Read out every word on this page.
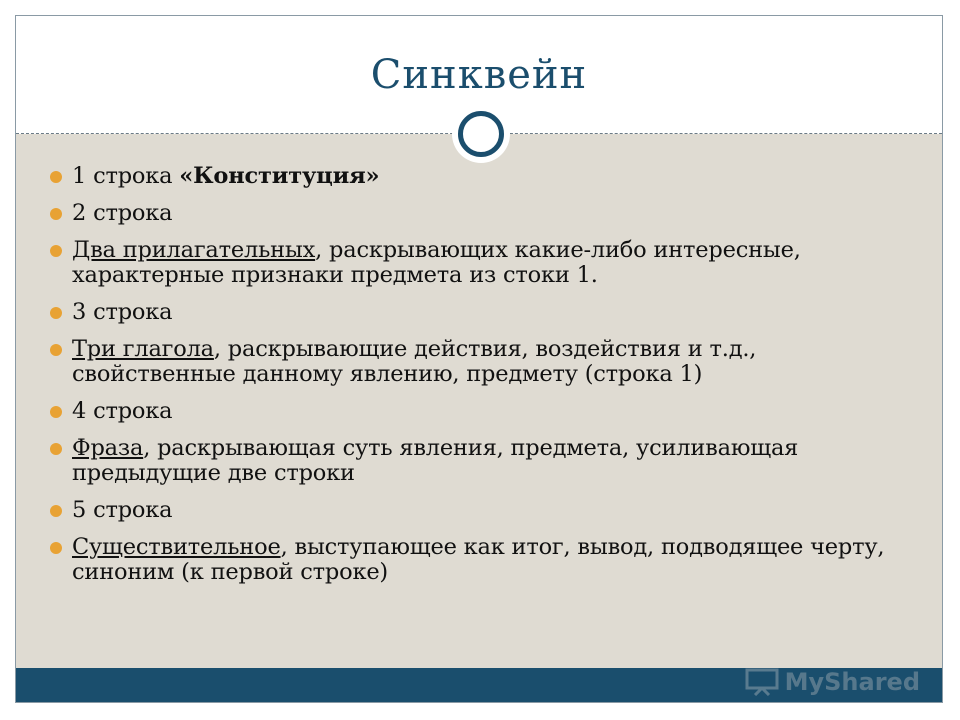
Синквейн
1 строка «Конституция»
2 строка
Два прилагательных, раскрывающих какие-либо интересные, характерные признаки предмета из стоки 1.
3 строка
Три глагола, раскрывающие действия, воздействия и т.д., свойственные данному явлению, предмету (строка 1)
4 строка
Фраза, раскрывающая суть явления, предмета, усиливающая предыдущие две строки
5 строка
Существительное, выступающее как итог, вывод, подводящее черту, синоним (к первой строке)
MyShared
